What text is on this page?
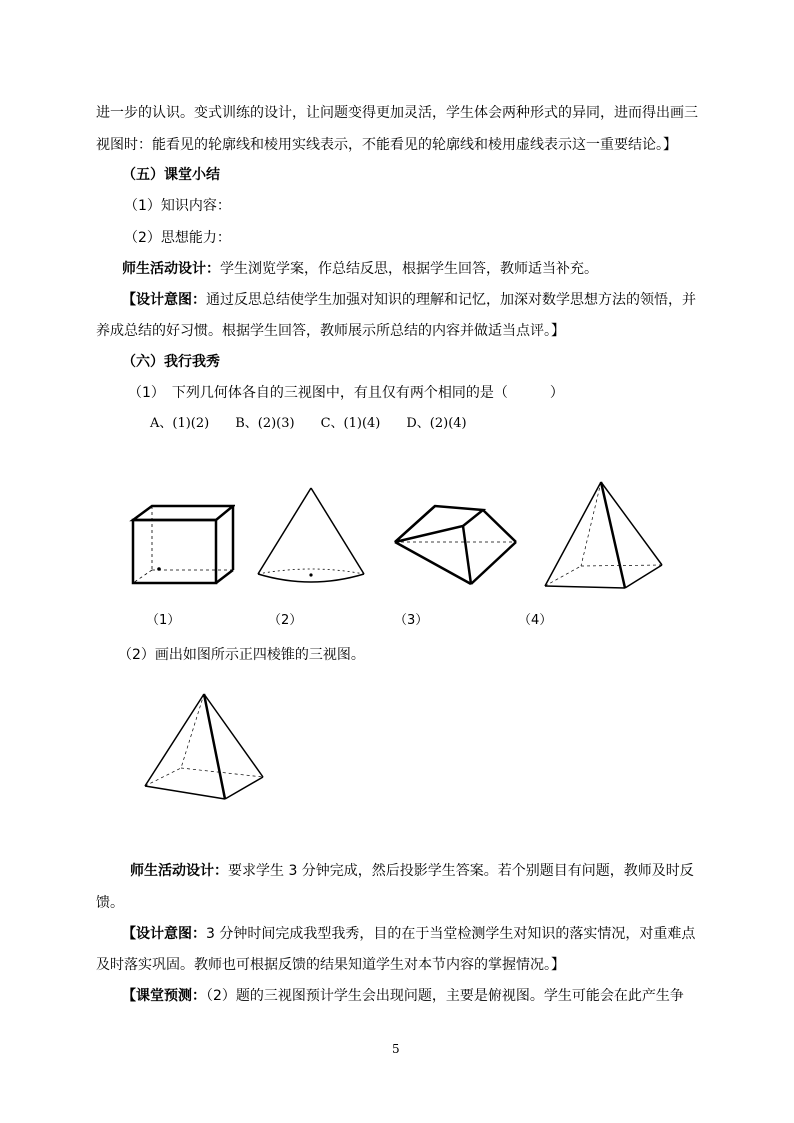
进一步的认识。变式训练的设计，让问题变得更加灵活，学生体会两种形式的异同，进而得出画三
视图时：能看见的轮廓线和棱用实线表示，不能看见的轮廓线和棱用虚线表示这一重要结论。】
（五）课堂小结
（1）知识内容：
（2）思想能力：
师生活动设计：学生浏览学案，作总结反思，根据学生回答，教师适当补充。
【设计意图：通过反思总结使学生加强对知识的理解和记忆，加深对数学思想方法的领悟，并
养成总结的好习惯。根据学生回答，教师展示所总结的内容并做适当点评。】
（六）我行我秀
（1）　下列几何体各自的三视图中，有且仅有两个相同的是（　　　）
A、(1)(2)　　B、(2)(3)　　C、(1)(4)　　D、(2)(4)
（1）	（2）	（3）	（4）
（2）画出如图所示正四棱锥的三视图。
师生活动设计：要求学生 3 分钟完成，然后投影学生答案。若个别题目有问题，教师及时反
馈。
【设计意图：3 分钟时间完成我型我秀，目的在于当堂检测学生对知识的落实情况，对重难点
及时落实巩固。教师也可根据反馈的结果知道学生对本节内容的掌握情况。】
【课堂预测：（2）题的三视图预计学生会出现问题，主要是俯视图。学生可能会在此产生争
5
